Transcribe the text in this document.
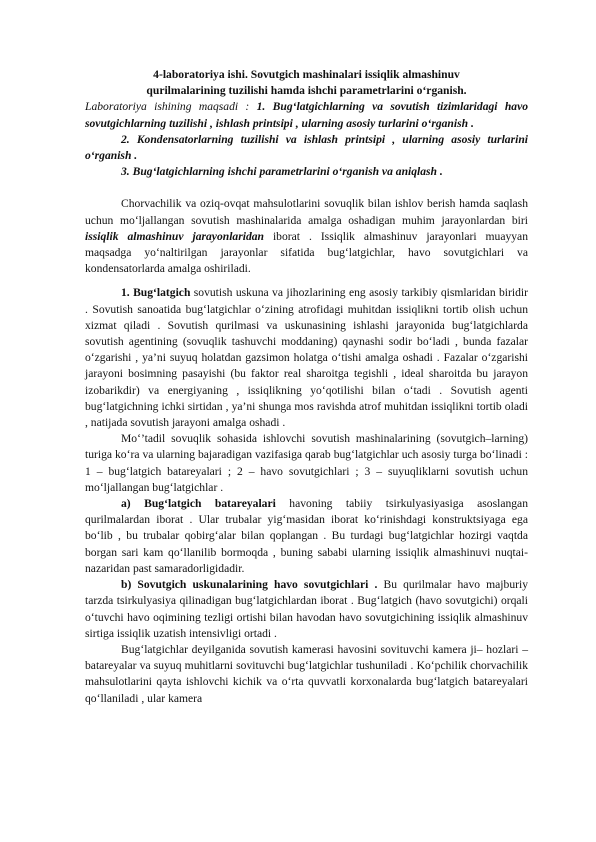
4-laboratoriya ishi. Sovutgich mashinalari issiqlik almashinuv

qurilmalarining tuzilishi hamda ishchi parametrlarini o‘rganish.

Laboratoriya ishining maqsadi : 1. Bug‘latgichlarning va sovutish tizimlaridagi havo sovutgichlarning tuzilishi , ishlash printsipi , ularning asosiy turlarini o‘rganish .

2. Kondensatorlarning tuzilishi va ishlash printsipi , ularning asosiy turlarini o‘rganish .

3. Bug‘latgichlarning ishchi parametrlarini o‘rganish va aniqlash .

Chorvachilik va oziq-ovqat mahsulotlarini sovuqlik bilan ishlov berish hamda saqlash uchun mo‘ljallangan sovutish mashinalarida amalga oshadigan muhim jarayonlardan biri issiqlik almashinuv jarayonlaridan iborat . Issiqlik almashinuv jarayonlari muayyan maqsadga yo‘naltirilgan jarayonlar sifatida bug‘latgichlar, havo sovutgichlari va kondensatorlarda amalga oshiriladi.

1. Bug‘latgich sovutish uskuna va jihozlarining eng asosiy tarkibiy qismlaridan biridir . Sovutish sanoatida bug‘latgichlar o‘zining atrofidagi muhitdan issiqlikni tortib olish uchun xizmat qiladi . Sovutish qurilmasi va uskunasining ishlashi jarayonida bug‘latgichlarda sovutish agentining (sovuqlik tashuvchi moddaning) qaynashi sodir bo‘ladi , bunda fazalar o‘zgarishi , ya’ni suyuq holatdan gazsimon holatga o‘tishi amalga oshadi . Fazalar o‘zgarishi jarayoni bosimning pasayishi (bu faktor real sharoitga tegishli , ideal sharoitda bu jarayon izobarikdir) va energiyaning , issiqlikning yo‘qotilishi bilan o‘tadi . Sovutish agenti bug‘latgichning ichki sirtidan , ya’ni shunga mos ravishda atrof muhitdan issiqlikni tortib oladi , natijada sovutish jarayoni amalga oshadi .

Mo‘’tadil sovuqlik sohasida ishlovchi sovutish mashinalarining (sovutgich–larning) turiga ko‘ra va ularning bajaradigan vazifasiga qarab bug‘latgichlar uch asosiy turga bo‘linadi : 1 – bug‘latgich batareyalari ; 2 – havo sovutgichlari ; 3 – suyuqliklarni sovutish uchun mo‘ljallangan bug‘latgichlar .

a) Bug‘latgich batareyalari havoning tabiiy tsirkulyasiyasiga asoslangan qurilmalardan iborat . Ular trubalar yig‘masidan iborat ko‘rinishdagi konstruktsiyaga ega bo‘lib , bu trubalar qobirg‘alar bilan qoplangan . Bu turdagi bug‘latgichlar hozirgi vaqtda borgan sari kam qo‘llanilib bormoqda , buning sababi ularning issiqlik almashinuvi nuqtai-nazaridan past samaradorligidadir.

b) Sovutgich uskunalarining havo sovutgichlari . Bu qurilmalar havo majburiy tarzda tsirkulyasiya qilinadigan bug‘latgichlardan iborat . Bug‘latgich (havo sovutgichi) orqali o‘tuvchi havo oqimining tezligi ortishi bilan havodan havo sovutgichining issiqlik almashinuv sirtiga issiqlik uzatish intensivligi ortadi .

Bug‘latgichlar deyilganida sovutish kamerasi havosini sovituvchi kamera ji– hozlari – batareyalar va suyuq muhitlarni sovituvchi bug‘latgichlar tushuniladi . Ko‘pchilik chorvachilik mahsulotlarini qayta ishlovchi kichik va o‘rta quvvatli korxonalarda bug‘latgich batareyalari qo‘llaniladi , ular kamera
